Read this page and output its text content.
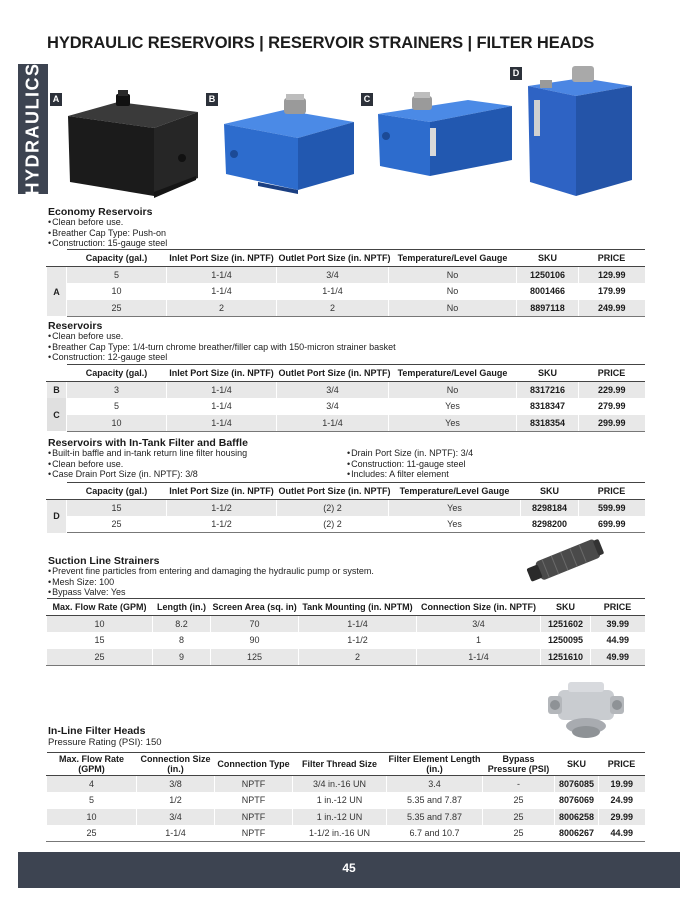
HYDRAULIC RESERVOIRS | RESERVOIR STRAINERS | FILTER HEADS
HYDRAULICS	A	B	C
D
Economy Reservoirs
• Clean before use.
• Breather Cap Type: Push-on
• Construction: 15-gauge steel
	Capacity (gal.)	Inlet Port Size (in. NPTF)	Outlet Port Size (in. NPTF)	Temperature/Level Gauge	SKU	PRICE
A	5	1-1/4	3/4	No	1250106	129.99
	10	1-1/4	1-1/4	No	8001466	179.99
	25	2	2	No	8897118	249.99
Reservoirs
• Clean before use.
• Breather Cap Type: 1/4-turn chrome breather/filler cap with 150-micron strainer basket
• Construction: 12-gauge steel
	Capacity (gal.)	Inlet Port Size (in. NPTF)	Outlet Port Size (in. NPTF)	Temperature/Level Gauge	SKU	PRICE
B	3	1-1/4	3/4	No	8317216	229.99
C	5	1-1/4	3/4	Yes	8318347	279.99
	10	1-1/4	1-1/4	Yes	8318354	299.99
Reservoirs with In-Tank Filter and Baffle
• Built-in baffle and in-tank return line filter housing
• Clean before use.
• Case Drain Port Size (in. NPTF): 3/8
• Drain Port Size (in. NPTF): 3/4
• Construction: 11-gauge steel
• Includes: A filter element
	Capacity (gal.)	Inlet Port Size (in. NPTF)	Outlet Port Size (in. NPTF)	Temperature/Level Gauge	SKU	PRICE
D	15	1-1/2	(2) 2	Yes	8298184	599.99
	25	1-1/2	(2) 2	Yes	8298200	699.99
Suction Line Strainers
• Prevent fine particles from entering and damaging the hydraulic pump or system.
• Mesh Size: 100
• Bypass Valve: Yes
Max. Flow Rate (GPM)	Length (in.)	Screen Area (sq. in)	Tank Mounting (in. NPTM)	Connection Size (in. NPTF)	SKU	PRICE
10	8.2	70	1-1/4	3/4	1251602	39.99
15	8	90	1-1/2	1	1250095	44.99
25	9	125	2	1-1/4	1251610	49.99
In-Line Filter Heads
Pressure Rating (PSI): 150
Max. Flow Rate (GPM)	Connection Size (in.)	Connection Type	Filter Thread Size	Filter Element Length (in.)	Bypass Pressure (PSI)	SKU	PRICE
4	3/8	NPTF	3/4 in.-16 UN	3.4	-	8076085	19.99
5	1/2	NPTF	1 in.-12 UN	5.35 and 7.87	25	8076069	24.99
10	3/4	NPTF	1 in.-12 UN	5.35 and 7.87	25	8006258	29.99
25	1-1/4	NPTF	1-1/2 in.-16 UN	6.7 and 10.7	25	8006267	44.99
45
